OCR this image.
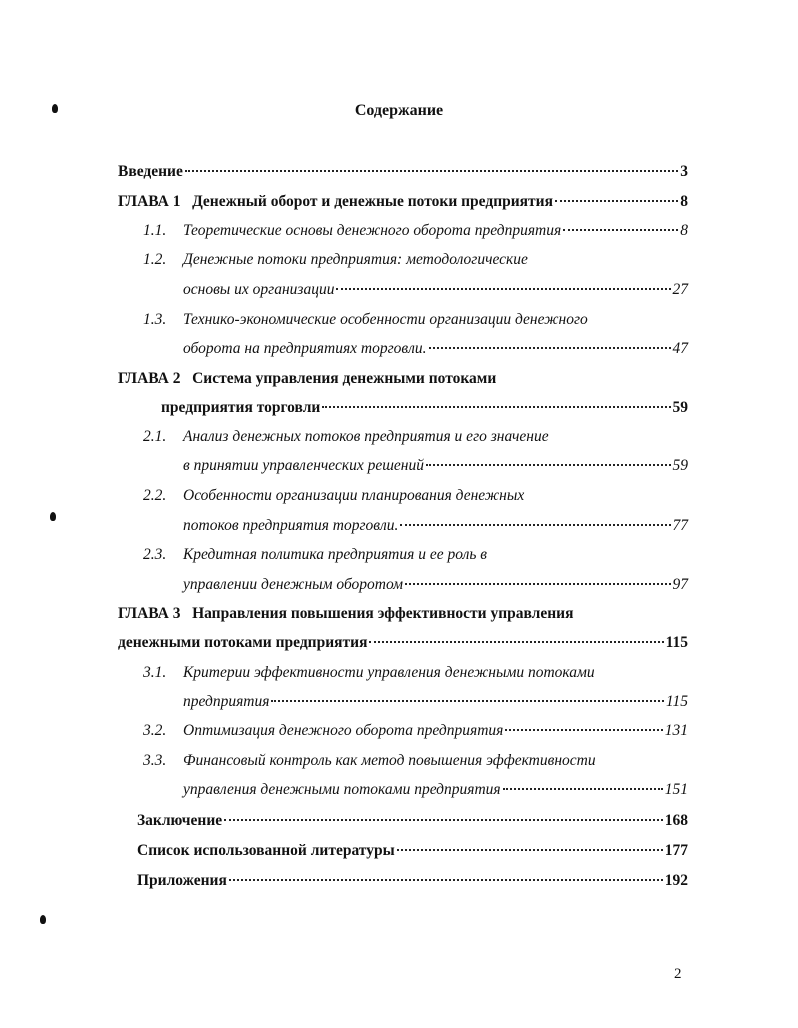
Содержание
Введение	3
ГЛАВА 1   Денежный оборот и денежные потоки предприятия	8
1.1.	Теоретические основы денежного оборота предприятия	8
1.2.	Денежные потоки предприятия: методологические
основы их организации	27
1.3.	Технико-экономические особенности организации денежного
оборота на предприятиях торговли.	47
ГЛАВА 2   Система управления денежными потоками
предприятия торговли	59
2.1.	Анализ денежных потоков предприятия и его значение
в принятии управленческих решений	59
2.2.	Особенности организации планирования денежных
потоков предприятия торговли.	77
2.3.	Кредитная политика предприятия и ее роль в
управлении денежным оборотом	97
ГЛАВА 3   Направления повышения эффективности управления
денежными потоками предприятия	115
3.1.	Критерии эффективности управления денежными потоками
предприятия	115
3.2.	Оптимизация денежного оборота предприятия	131
3.3.	Финансовый контроль как метод повышения эффективности
управления денежными потоками предприятия	151
Заключение	168
Список использованной литературы	177
Приложения	192
2
